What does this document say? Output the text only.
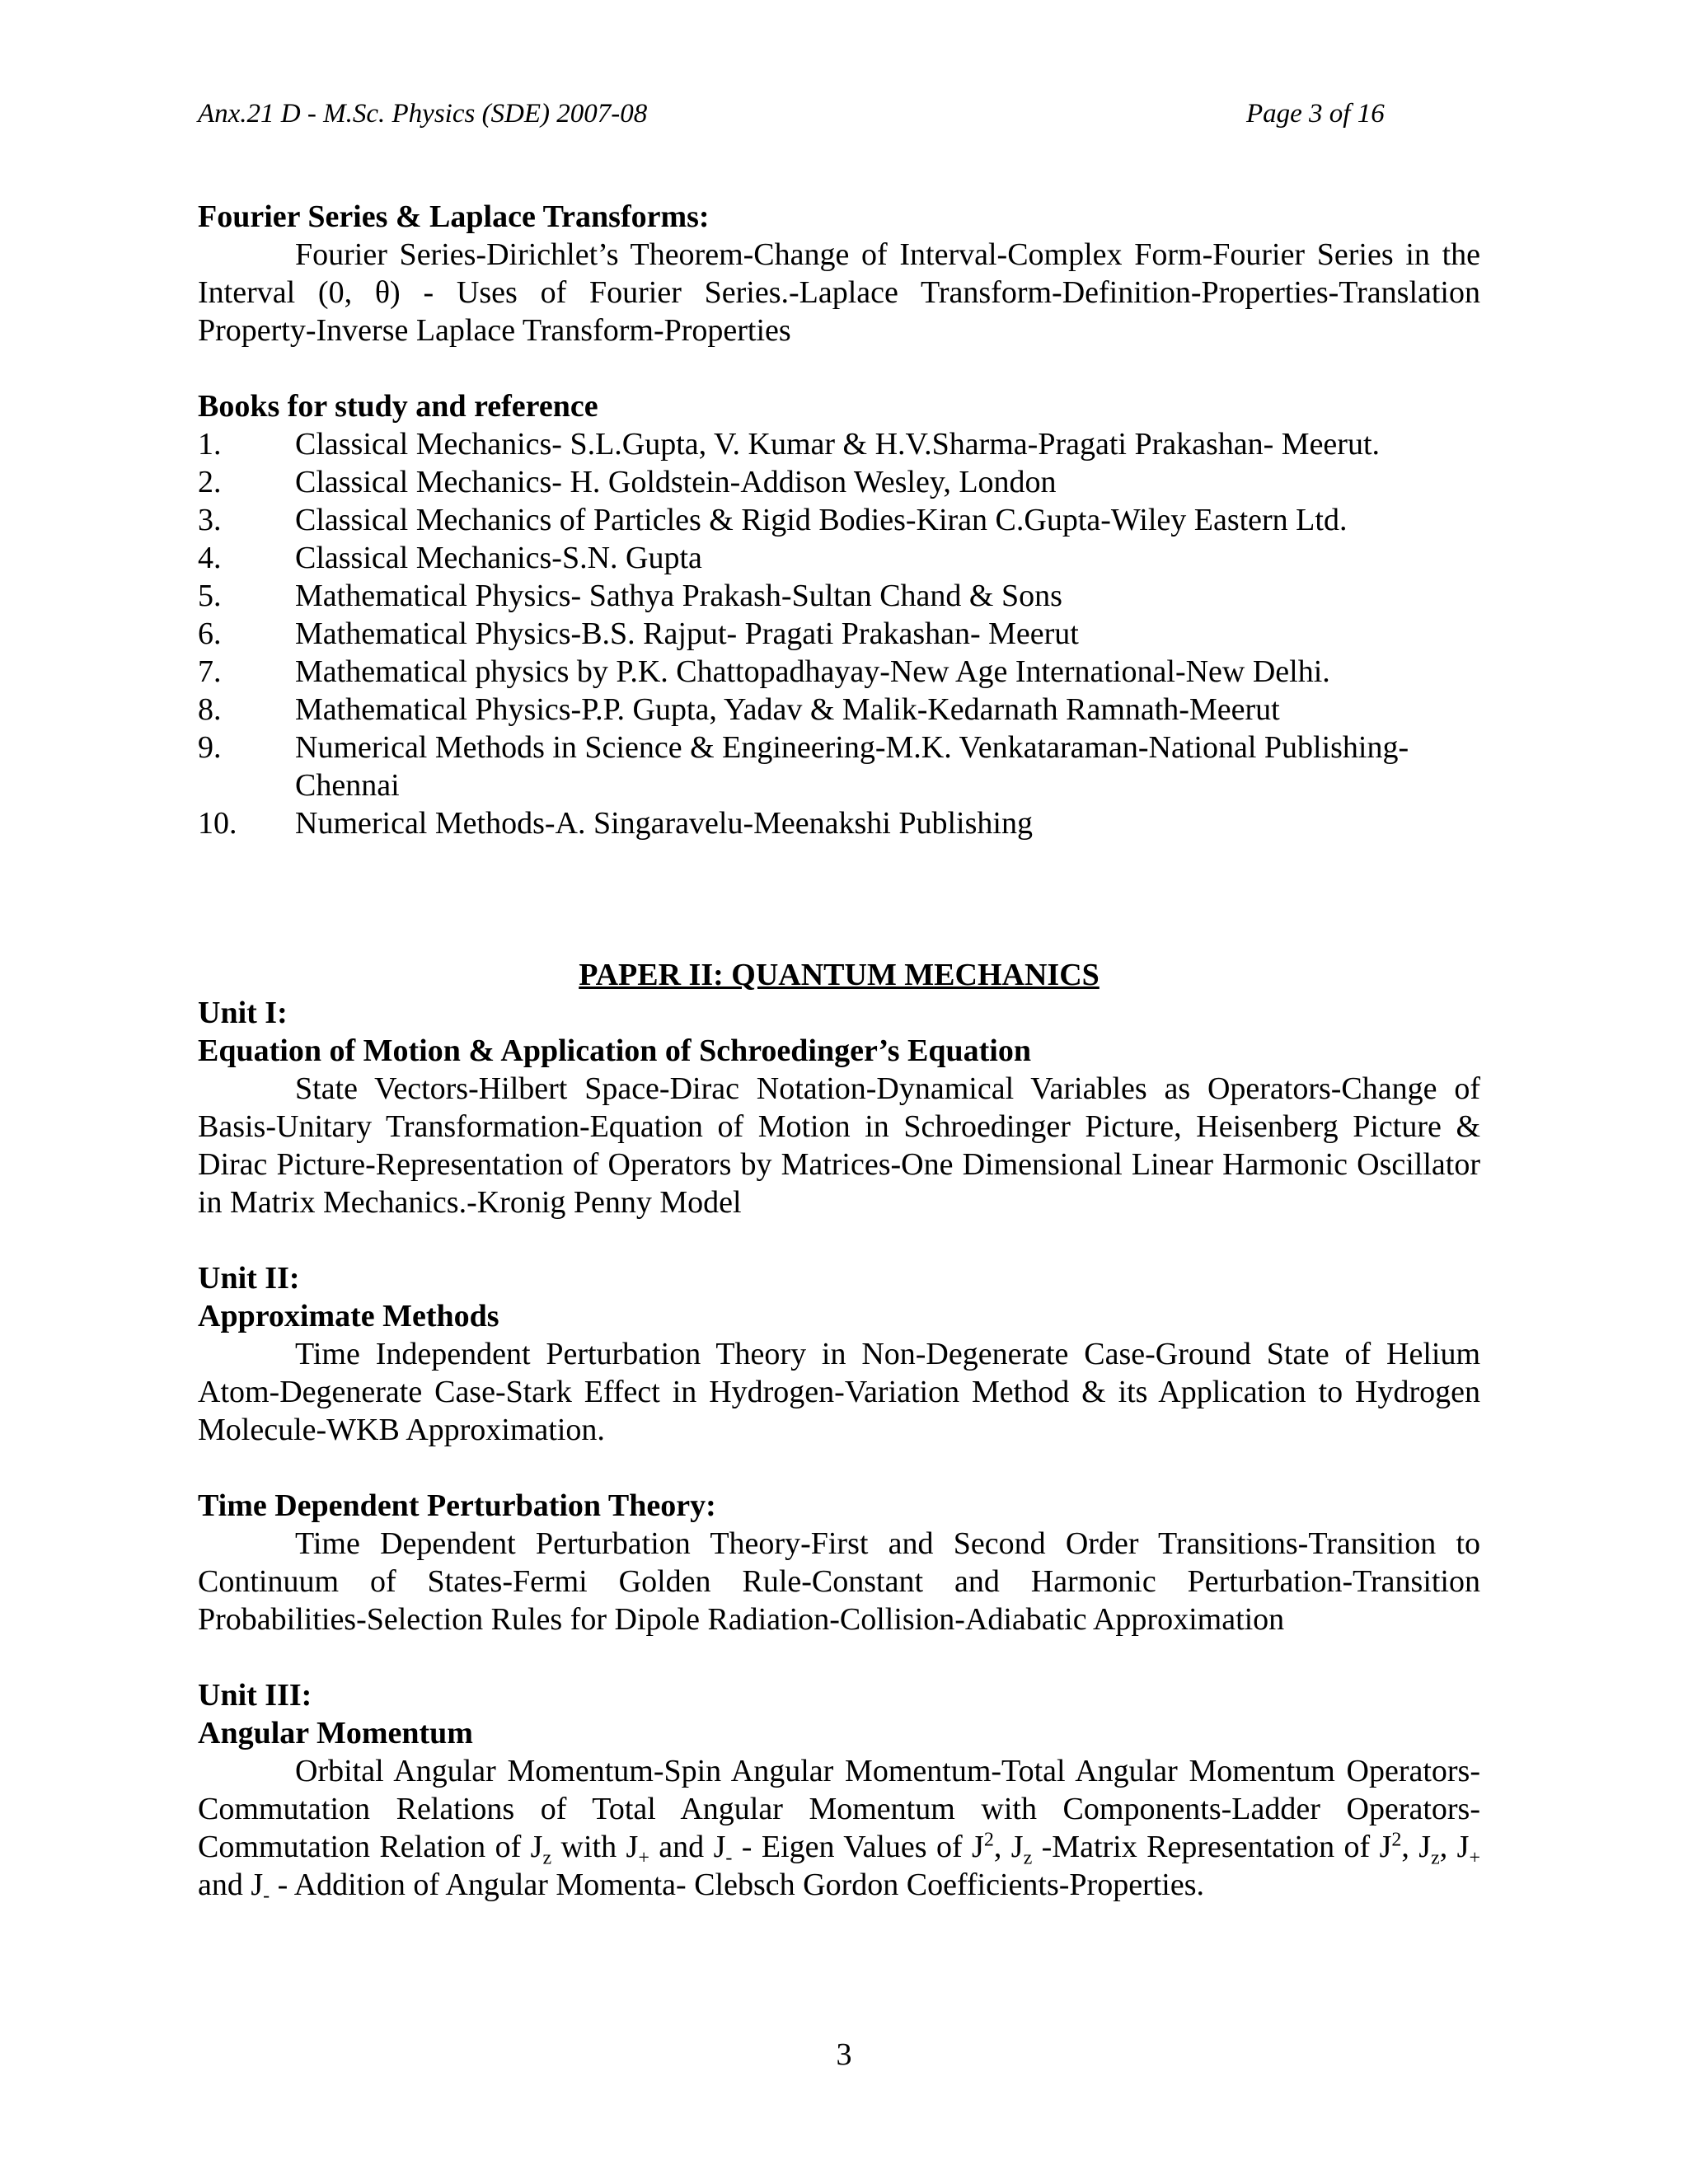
Anx.21 D - M.Sc. Physics (SDE) 2007-08	Page 3 of 16

Fourier Series & Laplace Transforms:

Fourier Series-Dirichlet’s Theorem-Change of Interval-Complex Form-Fourier Series in the Interval (0, θ) - Uses of Fourier Series.-Laplace Transform-Definition-Properties-Translation Property-Inverse Laplace Transform-Properties

Books for study and reference

1.	Classical Mechanics- S.L.Gupta, V. Kumar & H.V.Sharma-Pragati Prakashan- Meerut.
2.	Classical Mechanics- H. Goldstein-Addison Wesley, London
3.	Classical Mechanics of Particles & Rigid Bodies-Kiran C.Gupta-Wiley Eastern Ltd.
4.	Classical Mechanics-S.N. Gupta
5.	Mathematical Physics- Sathya Prakash-Sultan Chand & Sons
6.	Mathematical Physics-B.S. Rajput- Pragati Prakashan- Meerut
7.	Mathematical physics by P.K. Chattopadhayay-New Age International-New Delhi.
8.	Mathematical Physics-P.P. Gupta, Yadav & Malik-Kedarnath Ramnath-Meerut
9.	Numerical Methods in Science & Engineering-M.K. Venkataraman-National Publishing-Chennai
10.	Numerical Methods-A. Singaravelu-Meenakshi Publishing

PAPER II: QUANTUM MECHANICS

Unit I:

Equation of Motion & Application of Schroedinger’s Equation

State Vectors-Hilbert Space-Dirac Notation-Dynamical Variables as Operators-Change of Basis-Unitary Transformation-Equation of Motion in Schroedinger Picture, Heisenberg Picture & Dirac Picture-Representation of Operators by Matrices-One Dimensional Linear Harmonic Oscillator in Matrix Mechanics.-Kronig Penny Model

Unit II:

Approximate Methods

Time Independent Perturbation Theory in Non-Degenerate Case-Ground State of Helium Atom-Degenerate Case-Stark Effect in Hydrogen-Variation Method & its Application to Hydrogen Molecule-WKB Approximation.

Time Dependent Perturbation Theory:

Time Dependent Perturbation Theory-First and Second Order Transitions-Transition to Continuum of States-Fermi Golden Rule-Constant and Harmonic Perturbation-Transition Probabilities-Selection Rules for Dipole Radiation-Collision-Adiabatic Approximation

Unit III:

Angular Momentum

Orbital Angular Momentum-Spin Angular Momentum-Total Angular Momentum Operators-Commutation Relations of Total Angular Momentum with Components-Ladder Operators-Commutation Relation of $J_z$ with $J_+$ and $J_-$ - Eigen Values of $J^2$, $J_z$ -Matrix Representation of $J^2$, $J_z$, $J_+$ and $J_-$ - Addition of Angular Momenta- Clebsch Gordon Coefficients-Properties.

3
